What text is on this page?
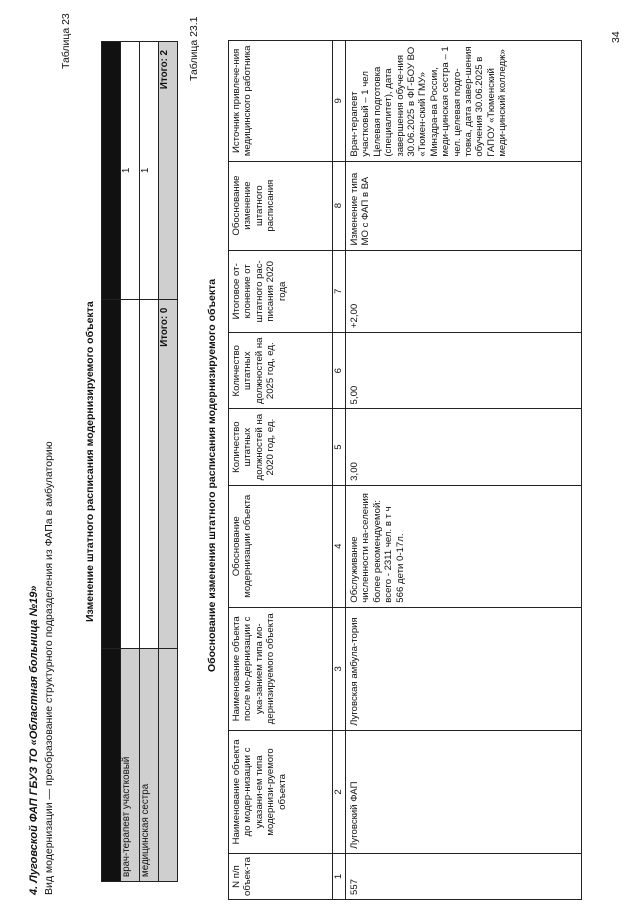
4. Луговской ФАП ГБУЗ ТО «Областная больница №19» Вид модернизации — преобразование структурного подразделения из ФАПа в амбулаторию
Таблица 23
Изменение штатного расписания модернизируемого объекта

врач-терапевт участковый		1
медицинская сестра		1
	Итого: 0	Итого: 2 Таблица 23.1
Обоснование изменения штатного расписания модернизируемого объекта
N п/п объек-та	Наименование объекта до модер-низации с указани-ем типа модернизи-руемого объекта	Наименование объекта после мо-дернизации с ука-занием типа мо-дернизируемого объекта	Обоснование модернизации объекта	Количество штатных должностей на 2020 год, ед.	Количество штатных должностей на 2025 год, ед.	Итоговое от-клонение от штатного рас-писания 2020 года	Обоснование изменение штатного расписания	Источник привлече-ния медицинского работника
1	2	3	4	5	6	7	8	9
557	Луговский ФАП	Луговская амбула-тория	Обслуживание численности на-селения более рекомендуемой: всего - 2311 чел. в т ч 566 дети 0-17л.	3,00	5,00	+2,00	Изменение типа МО с ФАП в ВА	Врач-терапевт участковый – 1 чел Целевая подготовка (специалитет), дата завершения обуче-ния 30.06.2025 в ФГ-БОУ ВО «Тюмен-ский ГМУ» Минздра-ва России, меди-цинская сестра – 1 чел. целевая подго-товка, дата завер-шения обучения 30.06.2025 в ГАПОУ «Тюменский меди-цинский колледж»
34
